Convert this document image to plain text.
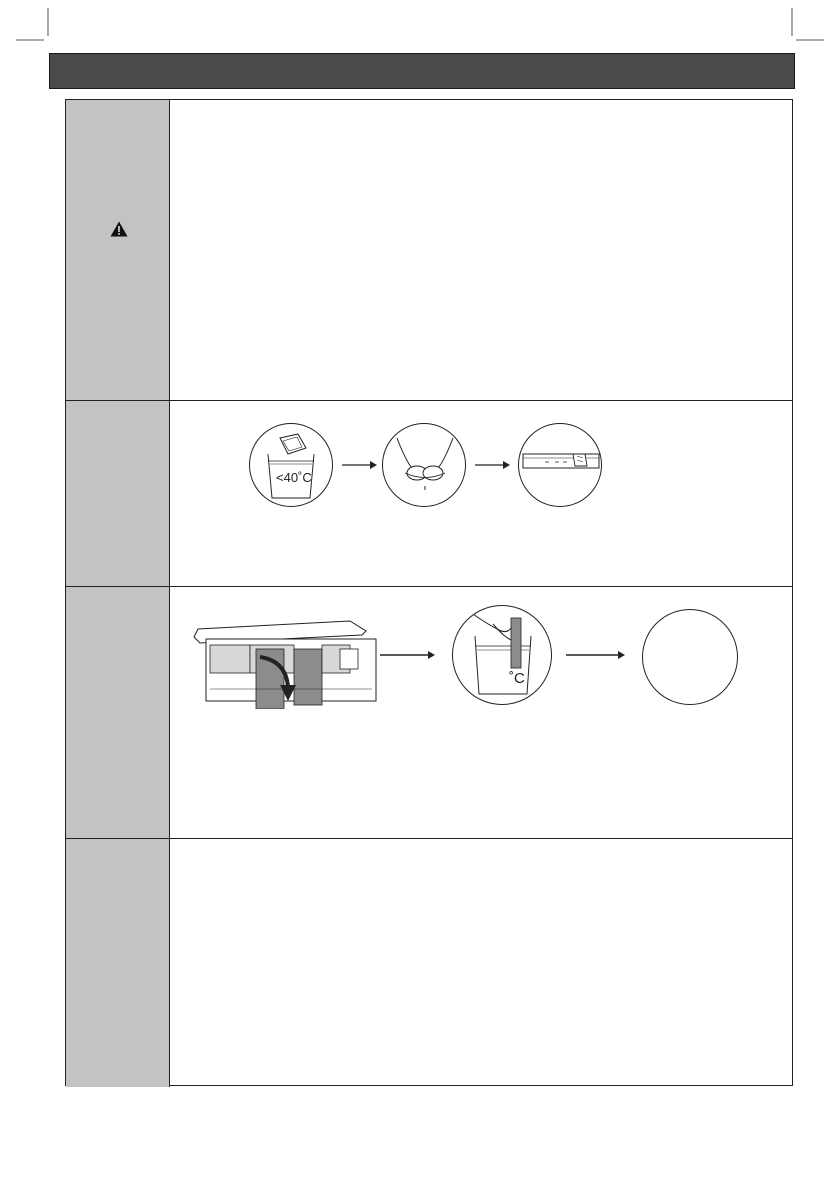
<40˚C
˚C
